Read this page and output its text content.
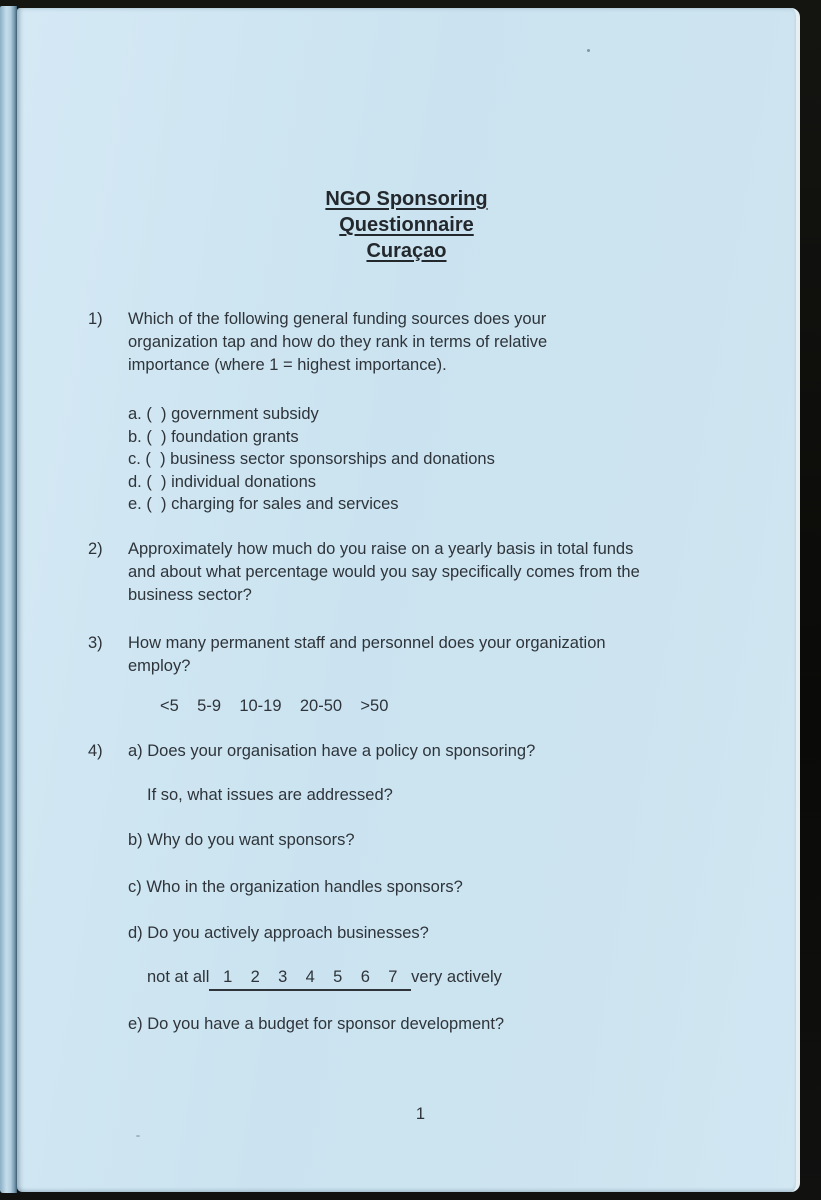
NGO Sponsoring
Questionnaire
Curaçao
1)	Which of the following general funding sources does your
organization tap and how do they rank in terms of relative
importance (where 1 = highest importance).
a. (  ) government subsidy
b. (  ) foundation grants
c. (  ) business sector sponsorships and donations
d. (  ) individual donations
e. (  ) charging for sales and services
2)	Approximately how much do you raise on a yearly basis in total funds
and about what percentage would you say specifically comes from the
business sector?
3)	How many permanent staff and personnel does your organization
employ?
<5    5-9    10-19    20-50    >50
4)	a) Does your organisation have a policy on sponsoring?
If so, what issues are addressed?
b) Why do you want sponsors?
c) Who in the organization handles sponsors?
d) Do you actively approach businesses?
not at all 1    2    3    4    5    6    7 very actively
e) Do you have a budget for sponsor development?
1
